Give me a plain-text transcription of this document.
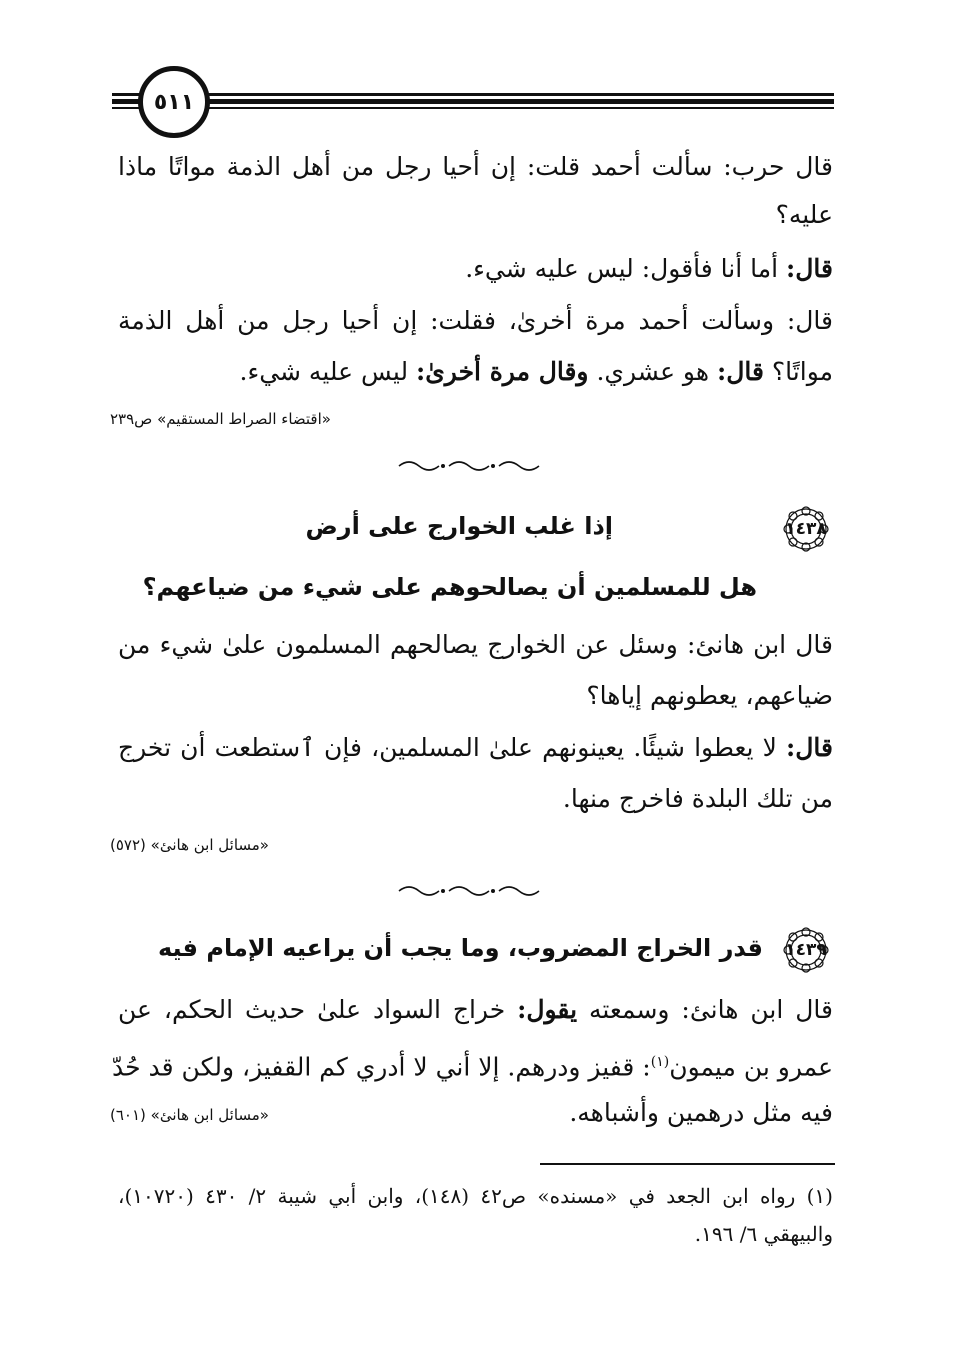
٥١١
قال حرب: سألت أحمد قلت: إن أحيا رجل من أهل الذمة مواتًا ماذا
عليه؟
قال: أما أنا فأقول: ليس عليه شيء.
قال: وسألت أحمد مرة أخرىٰ، فقلت: إن أحيا رجل من أهل الذمة
مواتًا؟ قال: هو عشري. وقال مرة أخرىٰ: ليس عليه شيء.
«اقتضاء الصراط المستقيم» ص٢٣٩
١٤٣٨
إذا غلب الخوارج على أرض
هل للمسلمين أن يصالحوهم على شيء من ضياعهم؟
قال ابن هانئ: وسئل عن الخوارج يصالحهم المسلمون علىٰ شيء من
ضياعهم، يعطونهم إياها؟
قال: لا يعطوا شيئًا. يعينونهم علىٰ المسلمين، فإن ٱستطعت أن تخرج
من تلك البلدة فاخرج منها.
«مسائل ابن هانئ» (٥٧٢)
١٤٣٩
قدر الخراج المضروب، وما يجب أن يراعيه الإمام فيه
قال ابن هانئ: وسمعته يقول: خراج السواد علىٰ حديث الحكم، عن
عمرو بن ميمون$^{(١)}$: قفيز ودرهم. إلا أني لا أدري كم القفيز، ولكن قد حُدّ
فيه مثل درهمين وأشباهه.
«مسائل ابن هانئ» (٦٠١)
(١) رواه ابن الجعد في «مسنده» ص٤٢ (١٤٨)، وابن أبي شيبة ٢/ ٤٣٠ (١٠٧٢٠)،
والبيهقي ٦/ ١٩٦.
